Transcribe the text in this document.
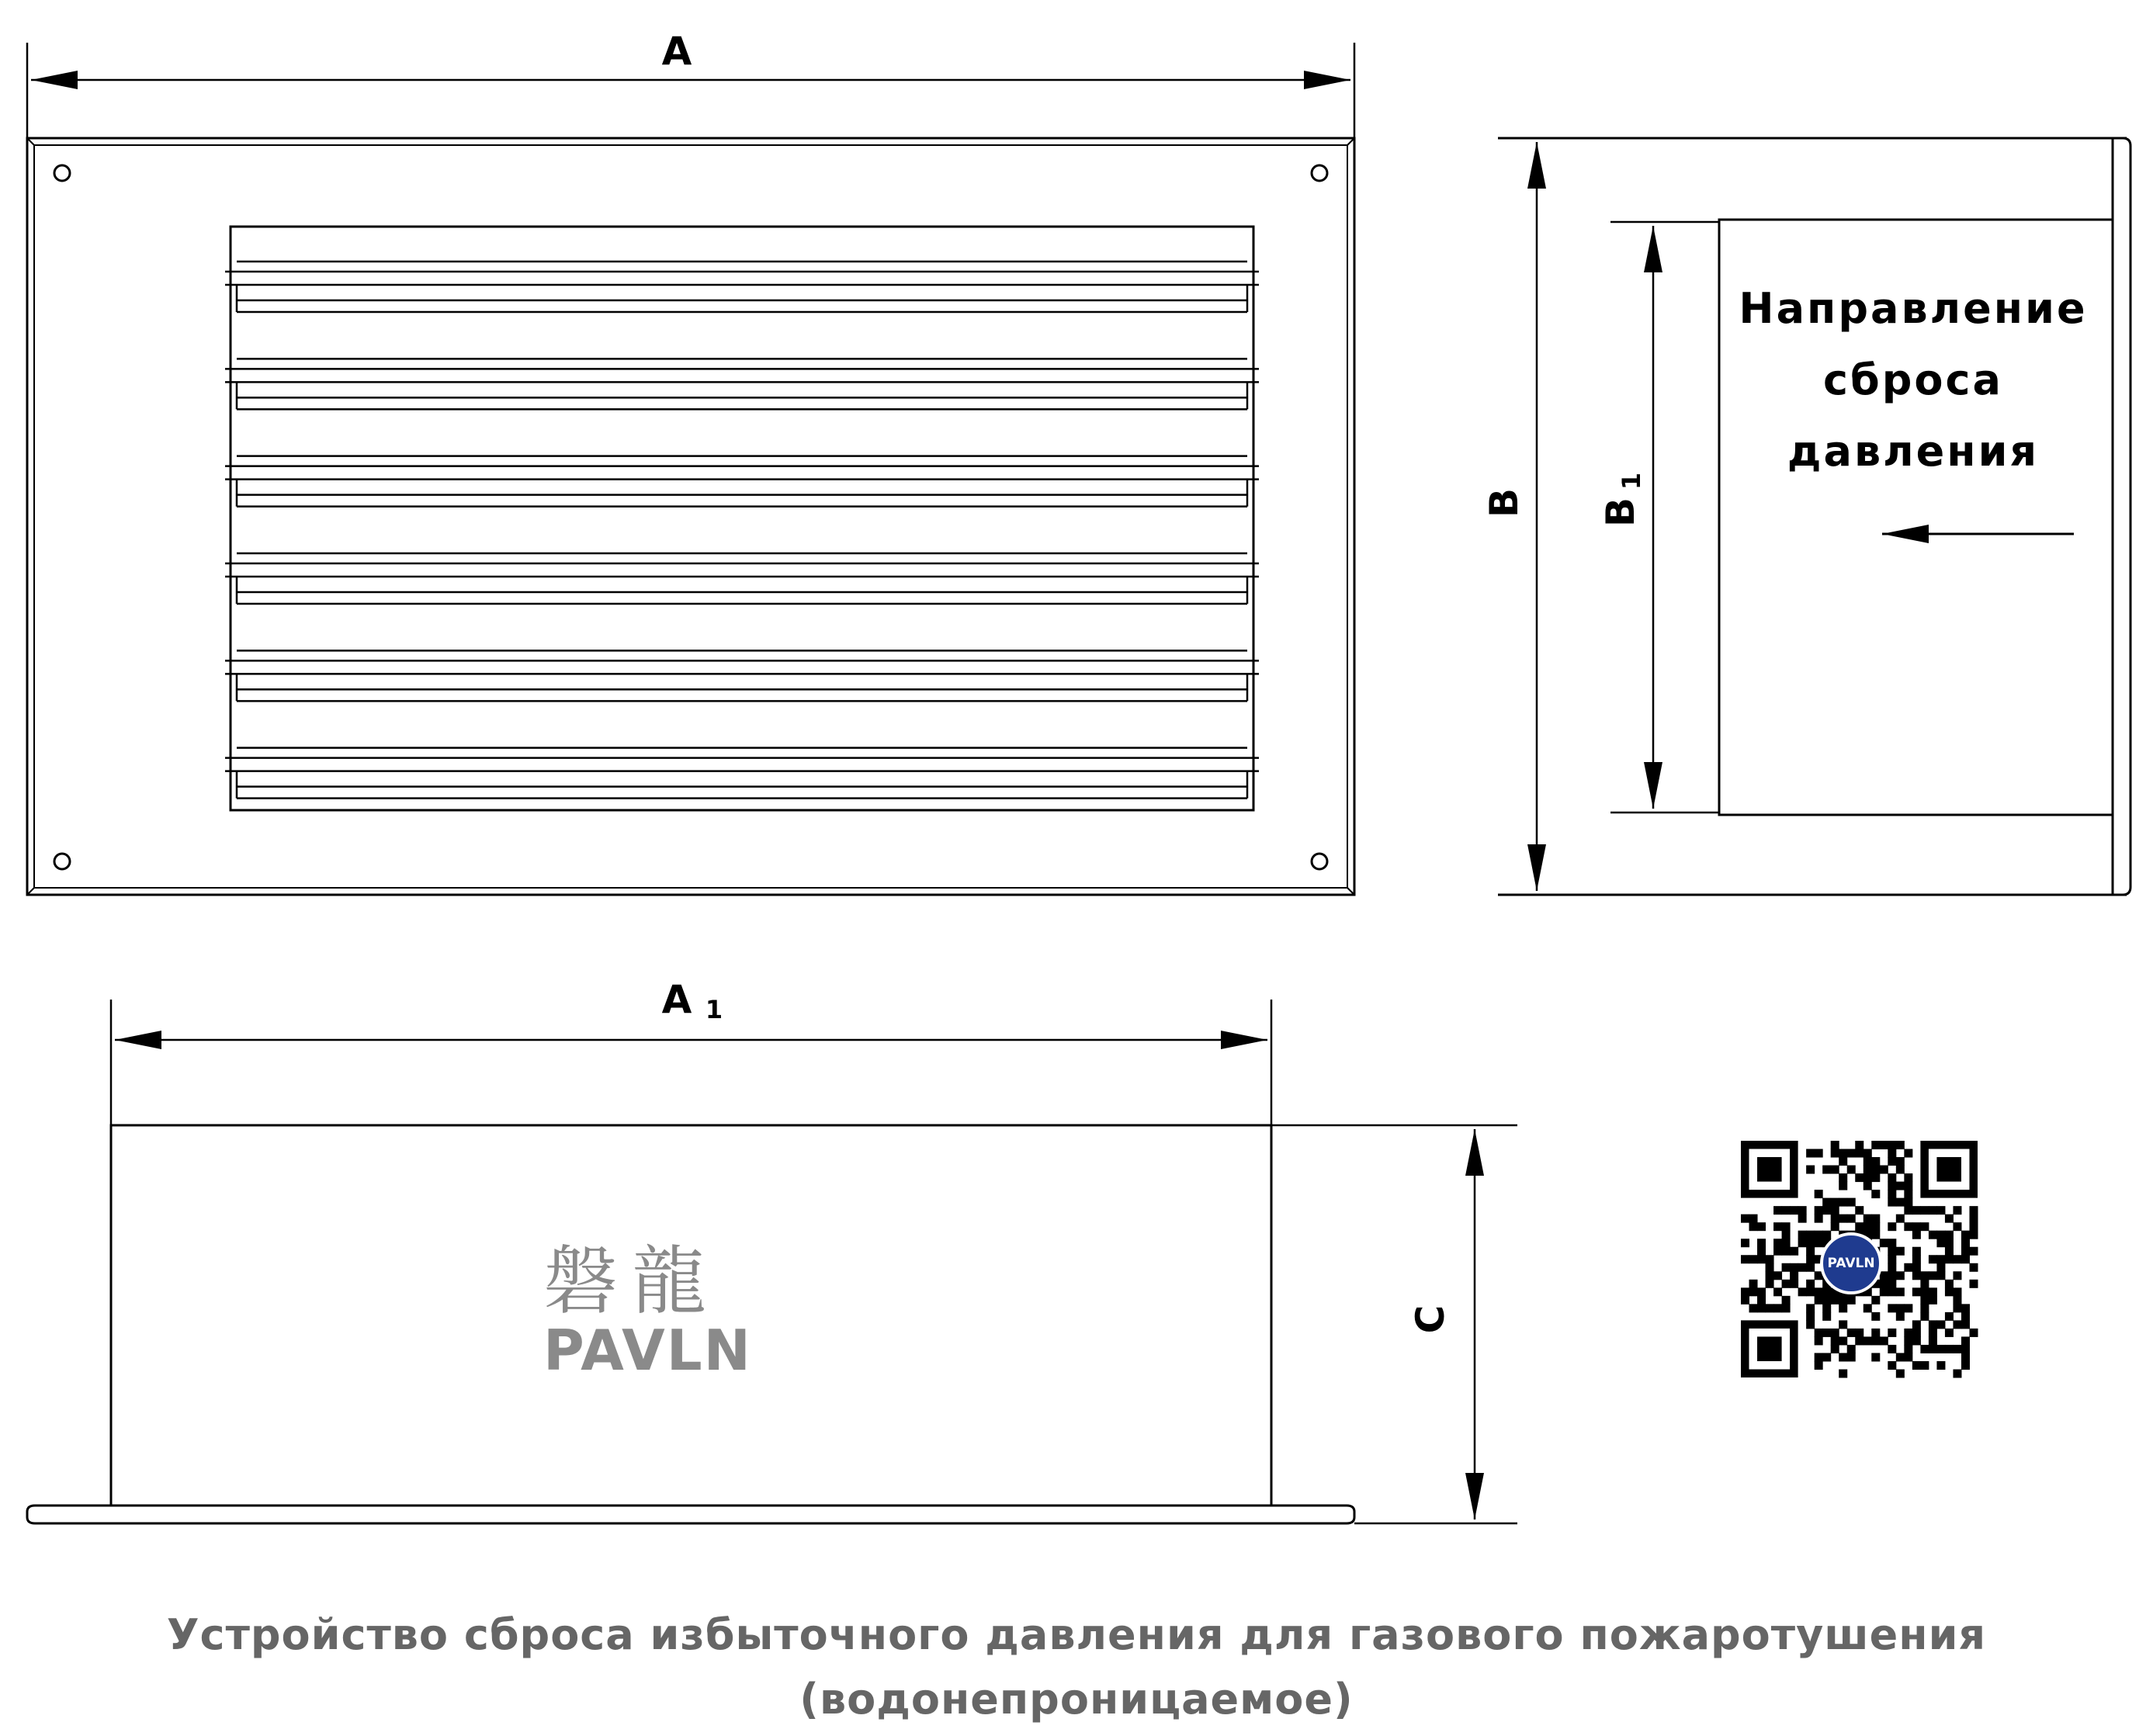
A
B B
1
A 1
C
Направление
сброса
давления
磐龍
PAVLN
PAVLN
Устройство сброса избыточного давления для газового пожаротушения
(водонепроницаемое)
